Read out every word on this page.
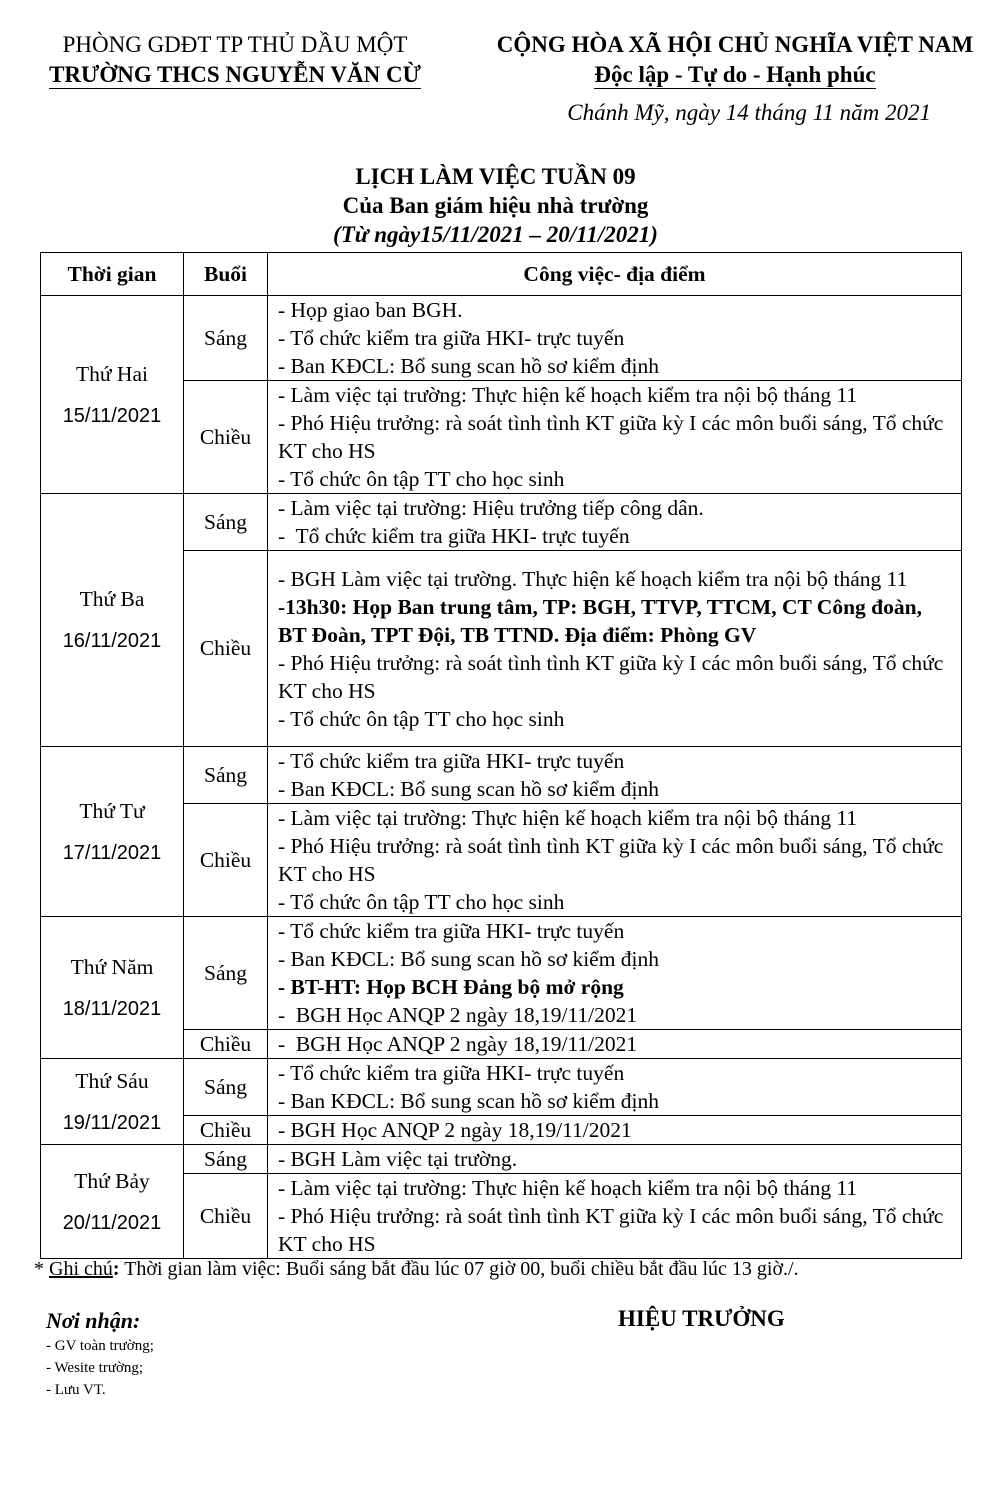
PHÒNG GDĐT TP THỦ DẦU MỘT
TRƯỜNG THCS NGUYỄN VĂN CỪ
CỘNG HÒA XÃ HỘI CHỦ NGHĨA VIỆT NAM
Độc lập - Tự do - Hạnh phúc
Chánh Mỹ, ngày 14 tháng 11 năm 2021
LỊCH LÀM VIỆC TUẦN 09
Của Ban giám hiệu nhà trường
(Từ ngày15/11/2021 – 20/11/2021)
Thời gian	Buổi	Công việc- địa điểm

Thứ Hai
15/11/2021	Sáng	- Họp giao ban BGH.
- Tổ chức kiểm tra giữa HKI- trực tuyến
- Ban KĐCL: Bổ sung scan hồ sơ kiểm định

	Chiều	- Làm việc tại trường: Thực hiện kế hoạch kiểm tra nội bộ tháng 11
- Phó Hiệu trưởng: rà soát tình tình KT giữa kỳ I các môn buổi sáng, Tổ chức KT cho HS
- Tổ chức ôn tập TT cho học sinh

Thứ Ba
16/11/2021	Sáng	- Làm việc tại trường: Hiệu trưởng tiếp công dân.
-  Tổ chức kiểm tra giữa HKI- trực tuyến

	Chiều	- BGH Làm việc tại trường. Thực hiện kế hoạch kiểm tra nội bộ tháng 11
-13h30: Họp Ban trung tâm, TP: BGH, TTVP, TTCM, CT Công đoàn, BT Đoàn, TPT Đội, TB TTND. Địa điểm: Phòng GV
- Phó Hiệu trưởng: rà soát tình tình KT giữa kỳ I các môn buổi sáng, Tổ chức KT cho HS
- Tổ chức ôn tập TT cho học sinh

Thứ Tư
17/11/2021	Sáng	- Tổ chức kiểm tra giữa HKI- trực tuyến
- Ban KĐCL: Bổ sung scan hồ sơ kiểm định

	Chiều	- Làm việc tại trường: Thực hiện kế hoạch kiểm tra nội bộ tháng 11
- Phó Hiệu trưởng: rà soát tình tình KT giữa kỳ I các môn buổi sáng, Tổ chức KT cho HS
- Tổ chức ôn tập TT cho học sinh

Thứ Năm
18/11/2021	Sáng	- Tổ chức kiểm tra giữa HKI- trực tuyến
- Ban KĐCL: Bổ sung scan hồ sơ kiểm định
- BT-HT: Họp BCH Đảng bộ mở rộng
-  BGH Học ANQP 2 ngày 18,19/11/2021

	Chiều	-  BGH Học ANQP 2 ngày 18,19/11/2021

Thứ Sáu
19/11/2021	Sáng	- Tổ chức kiểm tra giữa HKI- trực tuyến
- Ban KĐCL: Bổ sung scan hồ sơ kiểm định

	Chiều	- BGH Học ANQP 2 ngày 18,19/11/2021

Thứ Bảy
20/11/2021	Sáng	- BGH Làm việc tại trường.

	Chiều	- Làm việc tại trường: Thực hiện kế hoạch kiểm tra nội bộ tháng 11
- Phó Hiệu trưởng: rà soát tình tình KT giữa kỳ I các môn buổi sáng, Tổ chức KT cho HS
* Ghi chú: Thời gian làm việc: Buổi sáng bắt đầu lúc 07 giờ 00, buổi chiều bắt đầu lúc 13 giờ./.
Nơi nhận:
- GV toàn trường;
- Wesite trường;
- Lưu VT.
HIỆU TRƯỞNG
